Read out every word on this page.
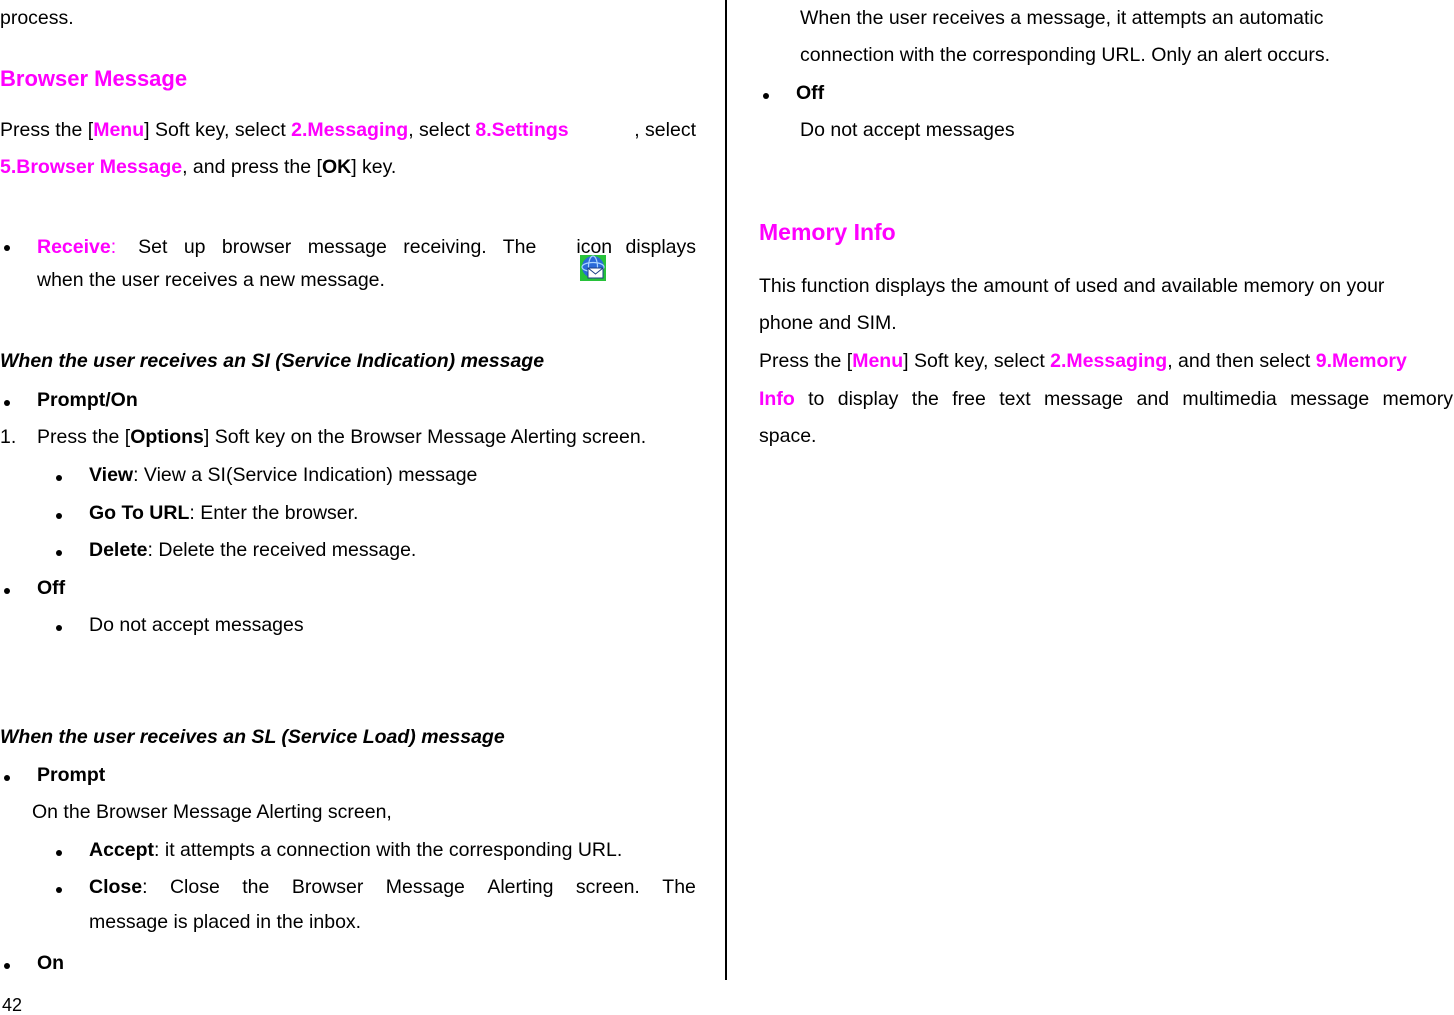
process.
Browser Message
Press the [Menu] Soft key, select 2.Messaging, select 8.Settings	, select
5.Browser Message, and press the [OK] key.
Receive: Set up browser message receiving. The

icon displays
when the user receives a new message.
When the user receives an SI (Service Indication) message
Prompt/On
1. Press the [Options] Soft key on the Browser Message Alerting screen.
View: View a SI(Service Indication) message
Go To URL: Enter the browser.
Delete: Delete the received message.
Off
Do not accept messages
When the user receives an SL (Service Load) message
Prompt
On the Browser Message Alerting screen,
Accept: it attempts a connection with the corresponding URL.
Close: Close the Browser Message Alerting screen. The
message is placed in the inbox.
On
42
When the user receives a message, it attempts an automatic
connection with the corresponding URL. Only an alert occurs.
Off
Do not accept messages
Memory Info
This function displays the amount of used and available memory on your
phone and SIM.
Press the [Menu] Soft key, select 2.Messaging, and then select 9.Memory
Info to display the free text message and multimedia message memory
space.
